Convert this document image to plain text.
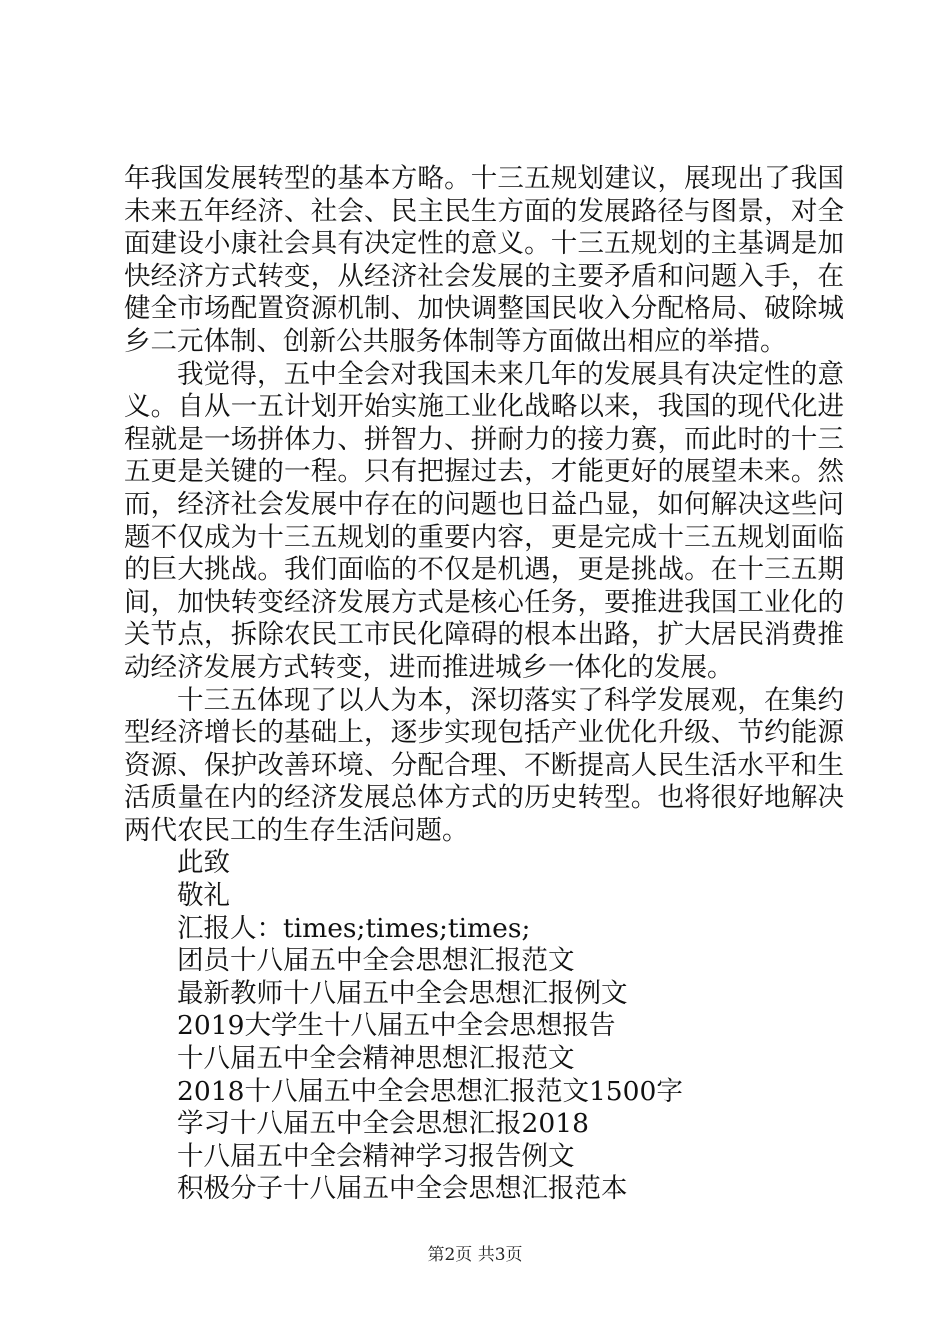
年我国发展转型的基本方略。十三五规划建议，展现出了我国未来五年经济、社会、民主民生方面的发展路径与图景，对全面建设小康社会具有决定性的意义。十三五规划的主基调是加快经济方式转变，从经济社会发展的主要矛盾和问题入手，在健全市场配置资源机制、加快调整国民收入分配格局、破除城乡二元体制、创新公共服务体制等方面做出相应的举措。

我觉得，五中全会对我国未来几年的发展具有决定性的意义。自从一五计划开始实施工业化战略以来，我国的现代化进程就是一场拼体力、拼智力、拼耐力的接力赛，而此时的十三五更是关键的一程。只有把握过去，才能更好的展望未来。然而，经济社会发展中存在的问题也日益凸显，如何解决这些问题不仅成为十三五规划的重要内容，更是完成十三五规划面临的巨大挑战。我们面临的不仅是机遇，更是挑战。在十三五期间，加快转变经济发展方式是核心任务，要推进我国工业化的关节点，拆除农民工市民化障碍的根本出路，扩大居民消费推动经济发展方式转变，进而推进城乡一体化的发展。

十三五体现了以人为本，深切落实了科学发展观，在集约型经济增长的基础上，逐步实现包括产业优化升级、节约能源资源、保护改善环境、分配合理、不断提高人民生活水平和生活质量在内的经济发展总体方式的历史转型。也将很好地解决两代农民工的生存生活问题。

此致

敬礼

汇报人：times;times;times;

团员十八届五中全会思想汇报范文

最新教师十八届五中全会思想汇报例文

2019大学生十八届五中全会思想报告

十八届五中全会精神思想汇报范文

2018十八届五中全会思想汇报范文1500字

学习十八届五中全会思想汇报2018

十八届五中全会精神学习报告例文

积极分子十八届五中全会思想汇报范本

第2页 共3页
